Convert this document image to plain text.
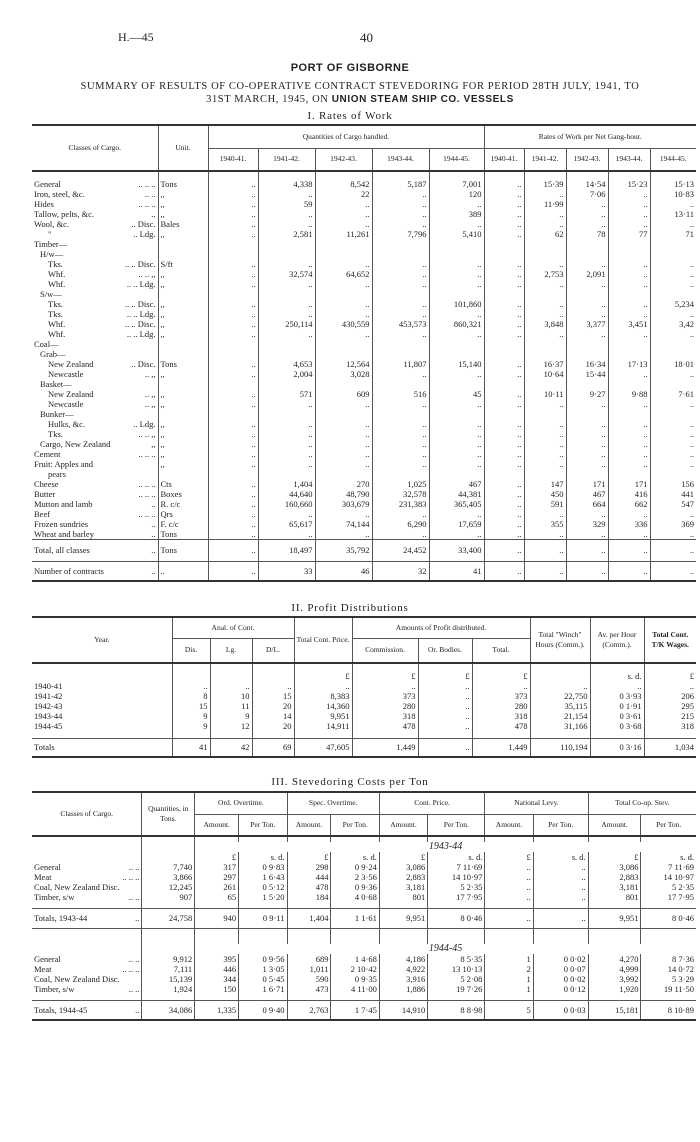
H.—45	40
PORT OF GISBORNE
SUMMARY OF RESULTS OF CO-OPERATIVE CONTRACT STEVEDORING FOR PERIOD 28TH JULY, 1941, TO
31ST MARCH, 1945, ON UNION STEAM SHIP CO. VESSELS
I. Rates of Work
Classes of Cargo.	Unit.	Quantities of Cargo handled.					Rates of Work per Net Gang-hour.				
		1940-41.	1941-42.	1942-43.	1943-44.	1944-45.	1940-41.	1941-42.	1942-43.	1943-44.	1944-45.

General .. .. ..	Tons	..	4,338	8,542	5,187	7,001	..	15·39	14·54	15·23	15·13
Iron, steel, &c. .. ..	,,	..	..	22	..	120	..	..	7·06	..	10·83
Hides .. .. ..	,,	..	59	..	..	..	..	11·99	..	..	..
Tallow, pelts, &c. ..	,,	..	..	..	..	389	..	..	..	..	13·11
Wool, &c. .. Disc.	Bales	..	..	..	..	..	..	..	..	..	..
" .. Ldg.	,,	..	2,581	11,261	7,796	5,410	..	62	78	77	71
Timber—

H/w—

Tks. .. .. Disc.	S/ft	..	..	..	..	..	..	..	..	..	..
Whf. .. .. ,,	,,	..	32,574	64,652	..	..	..	2,753	2,091	..	..
Whf. .. .. Ldg.	,,	..	..	..	..	..	..	..	..	..	..
S/w—

Tks. .. .. Disc.	,,	..	..	..	..	101,860	..	..	..	..	5,234
Tks. .. .. Ldg.	,,	..	..	..	..	..	..	..	..	..	..
Whf. .. .. Disc.	,,	..	250,114	430,559	453,573	860,321	..	3,848	3,377	3,451	3,42
Whf. .. .. Ldg.	,,	..	..	..	..	..	..	..	..	..	..
Coal—

Grab—

New Zealand .. Disc.	Tons	..	4,653	12,564	11,807	15,140	..	16·37	16·34	17·13	18·01
Newcastle .. ,,	,,	..	2,004	3,028	..	..	..	10·64	15·44	..	..
Basket—

New Zealand .. ,,	,,	..	571	609	516	45	..	10·11	9·27	9·88	7·61
Newcastle .. ,,	,,	..	..	..	..	..	..	..	..	..	..
Bunker—

Hulks, &c. .. Ldg.	,,	..	..	..	..	..	..	..	..	..	..
Tks. .. .. ,,	,,	..	..	..	..	..	..	..	..	..	..
Cargo, New Zealand ,,	,,	..	..	..	..	..	..	..	..	..	..
Cement .. .. ..	,,	..	..	..	..	..	..	..	..	..	..
Fruit: Apples and	,,	..	..	..	..	..	..	..	..	..	..
pears

Cheese .. .. ..	Cts	..	1,404	270	1,025	467	..	147	171	171	156
Butter .. .. ..	Boxes	..	44,640	48,790	32,578	44,381	..	450	467	416	441
Mutton and lamb ..	R. c/c	..	160,660	303,679	231,383	365,405	..	591	664	662	547
Beef .. .. ..	Qrs	..	..	..	..	..	..	..	..	..	..
Frozen sundries ..	F. c/c	..	65,617	74,144	6,290	17,659	..	355	329	336	369
Wheat and barley ..	Tons	..	..	..	..	..	..	..	..	..	..
Total, all classes ..	Tons	..	18,497	35,792	24,452	33,400	..	..	..	..	..
Number of contracts ..	..	..	33	46	32	41	..	..	..	..	..
II. Profit Distributions
Year.	Anal. of Cont.			Total Cont. Price.	Amounts of Profit distributed.			Total "Winch" Hours (Comm.).	Av. per Hour (Comm.).	Total Cont. T/K Wages.
	Dis.	Lg.	D/L.		Commission.	Or. Bodies.	Total.			
				£	£	£	£		s. d.	£
1940-41	..	..	..	..	..	..	..	..	..	..
1941-42	8	10	15	8,383	373	..	373	22,750	0 3·93	206
1942-43	15	11	20	14,360	280	..	280	35,115	0 1·91	295
1943-44	9	9	14	9,951	318	..	318	21,154	0 3·61	215
1944-45	9	12	20	14,911	478	..	478	31,166	0 3·68	318

Totals	41	42	69	47,605	1,449	..	1,449	110,194	0 3·16	1,034
III. Stevedoring Costs per Ton
Classes of Cargo.	Quantities, in Tons.	Ord. Overtime.		Spec. Overtime.		Cont. Price.		National Levy.		Total Co-op. Stev.	
		Amount.	Per Ton.	Amount.	Per Ton.	Amount.	Per Ton.	Amount.	Per Ton.	Amount.	Per Ton.

		1943-44									
		£	s. d.	£	s. d.	£	s. d.	£	s. d.	£	s. d.
General .. ..	7,740	317	0 9·83	298	0 9·24	3,086	7 11·69	..	..	3,086	7 11·69
Meat .. .. ..	3,866	297	1 6·43	444	2 3·56	2,883	14 10·97	..	..	2,883	14 10·97
Coal, New Zealand Disc.	12,245	261	0 5·12	478	0 9·36	3,181	5 2·35	..	..	3,181	5 2·35
Timber, s/w .. ..	907	65	1 5·20	184	4 0·68	801	17 7·95	..	..	801	17 7·95

Totals, 1943-44 ..	24,758	940	0 9·11	1,404	1 1·61	9,951	8 0·46	..	..	9,951	8 0·46

		1944-45									

General .. ..	9,912	395	0 9·56	689	1 4·68	4,186	8 5·35	1	0 0·02	4,270	8 7·36
Meat .. .. ..	7,111	446	1 3·05	1,011	2 10·42	4,922	13 10·13	2	0 0·07	4,999	14 0·72
Coal, New Zealand Disc.	15,139	344	0 5·45	590	0 9·35	3,916	5 2·08	1	0 0·02	3,992	5 3·29
Timber, s/w .. ..	1,924	150	1 6·71	473	4 11·00	1,886	19 7·26	1	0 0·12	1,920	19 11·50

Totals, 1944-45 ..	34,086	1,335	0 9·40	2,763	1 7·45	14,910	8 8·98	5	0 0·03	15,181	8 10·89
